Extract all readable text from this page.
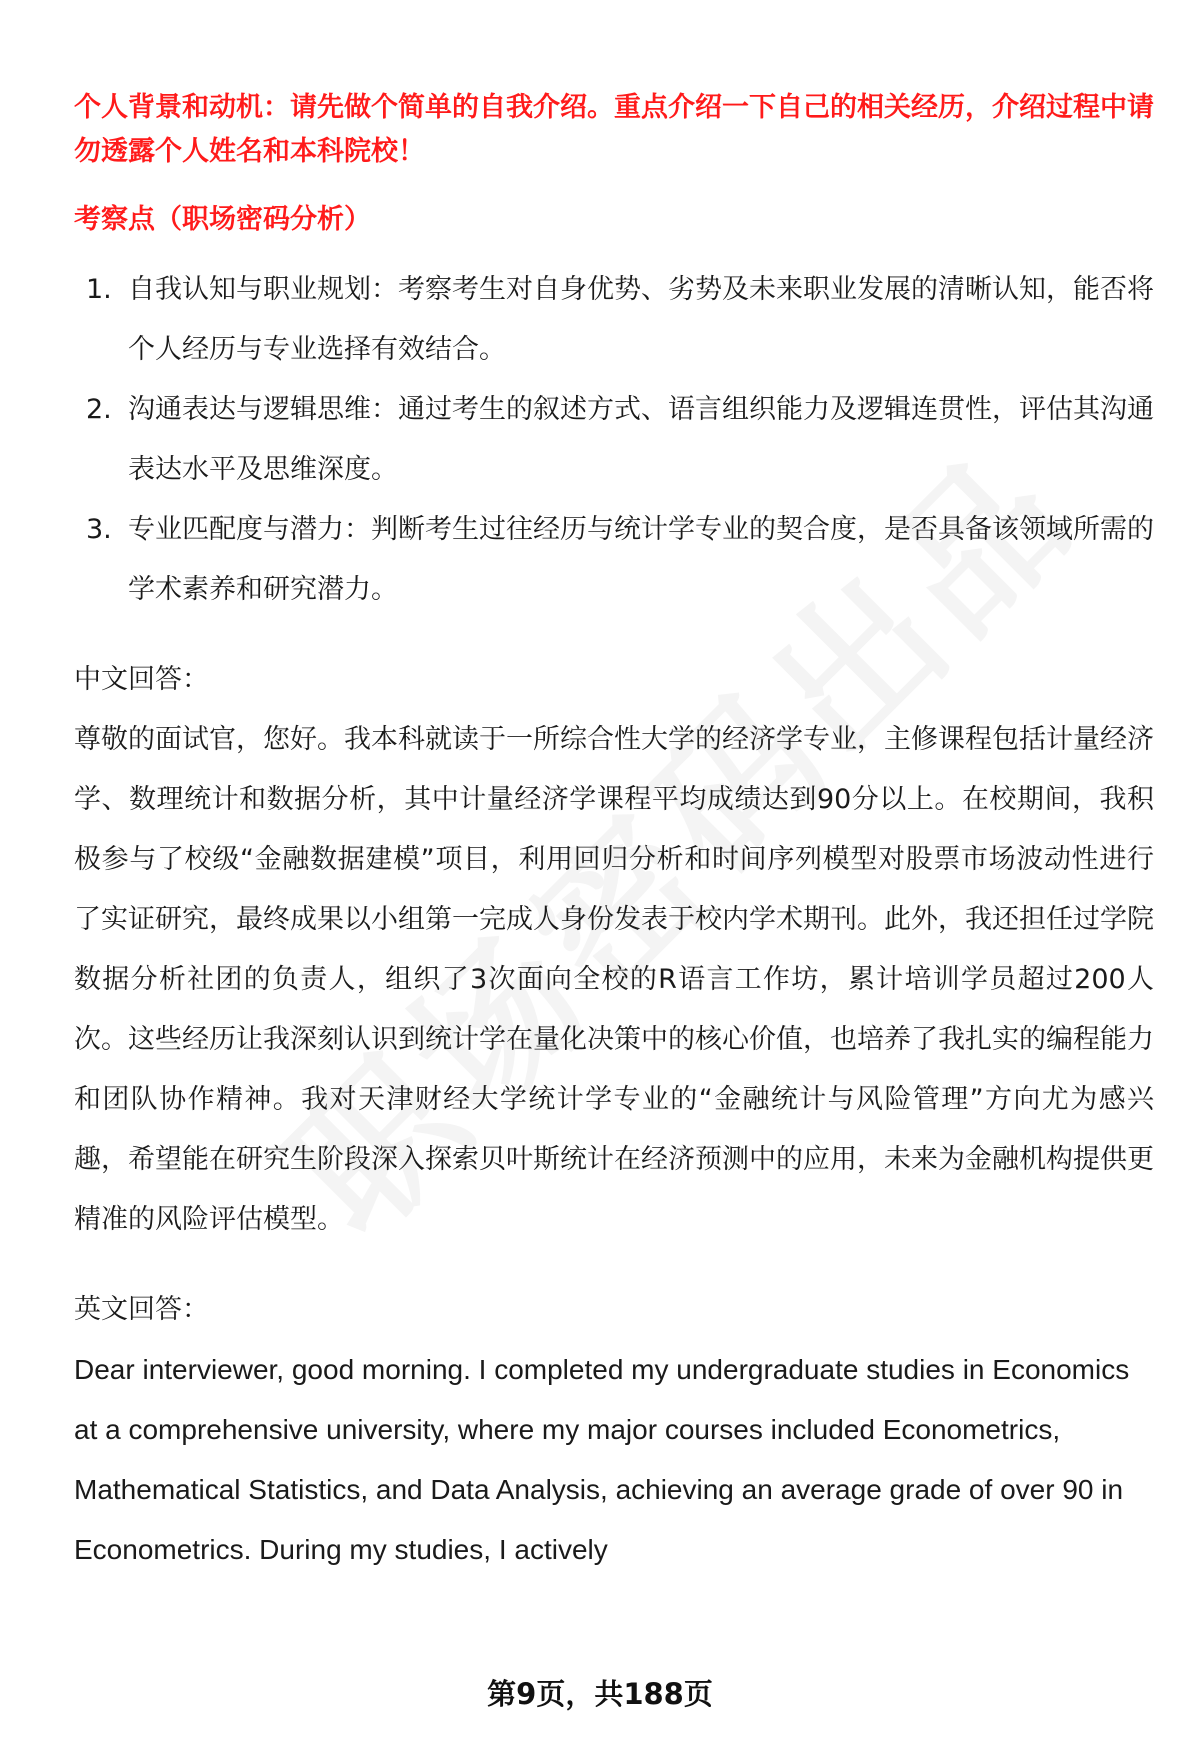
个人背景和动机：请先做个简单的自我介绍。重点介绍一下自己的相关经历，介绍过程中请勿透露个人姓名和本科院校！

考察点（职场密码分析）

1. 自我认知与职业规划：考察考生对自身优势、劣势及未来职业发展的清晰认知，能否将个人经历与专业选择有效结合。
2. 沟通表达与逻辑思维：通过考生的叙述方式、语言组织能力及逻辑连贯性，评估其沟通表达水平及思维深度。
3. 专业匹配度与潜力：判断考生过往经历与统计学专业的契合度，是否具备该领域所需的学术素养和研究潜力。

中文回答：

尊敬的面试官，您好。我本科就读于一所综合性大学的经济学专业，主修课程包括计量经济学、数理统计和数据分析，其中计量经济学课程平均成绩达到90分以上。在校期间，我积极参与了校级“金融数据建模”项目，利用回归分析和时间序列模型对股票市场波动性进行了实证研究，最终成果以小组第一完成人身份发表于校内学术期刊。此外，我还担任过学院数据分析社团的负责人，组织了3次面向全校的R语言工作坊，累计培训学员超过200人次。这些经历让我深刻认识到统计学在量化决策中的核心价值，也培养了我扎实的编程能力和团队协作精神。我对天津财经大学统计学专业的“金融统计与风险管理”方向尤为感兴趣，希望能在研究生阶段深入探索贝叶斯统计在经济预测中的应用，未来为金融机构提供更精准的风险评估模型。

英文回答：

Dear interviewer, good morning. I completed my undergraduate studies in Economics at a comprehensive university, where my major courses included Econometrics, Mathematical Statistics, and Data Analysis, achieving an average grade of over 90 in Econometrics. During my studies, I actively

第9页，共188页
